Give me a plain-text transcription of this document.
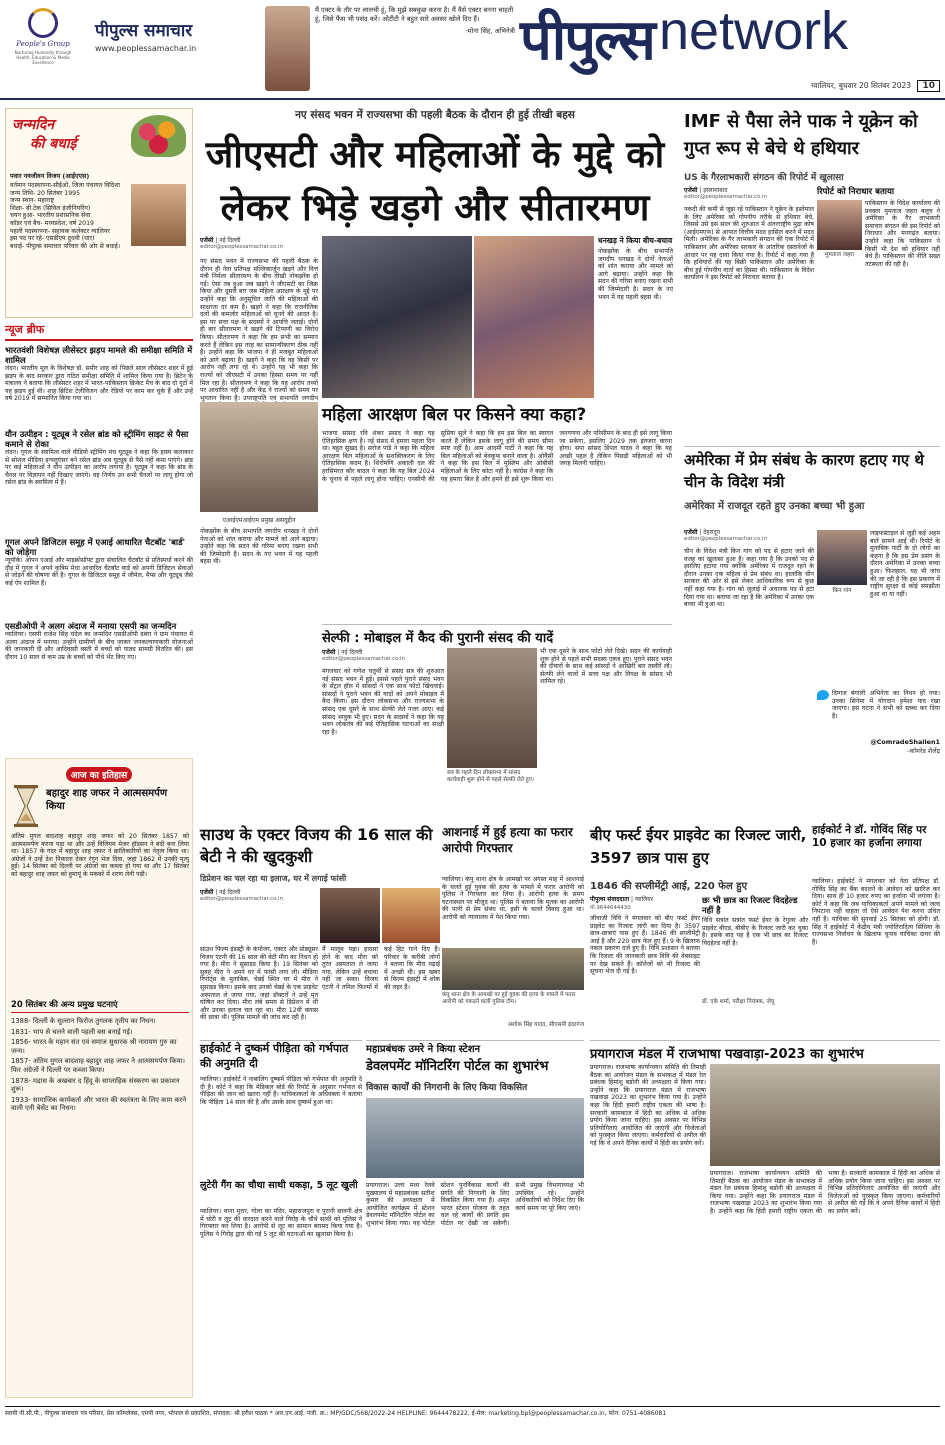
People's Group
Nurturing Humanity through Health, Education & Media Excellence
पीपुल्स समाचार
www.peoplessamachar.in
मैं एक्टर के तौर पर लालची हूं, कि मुझे सबकुछ करना है। मैं वैसे एक्टर बनना चाहती हूं, जिसे फैंस भी पसंद करें। ओटीटी ने बहुत सारे अवसर खोले दिए हैं।
-मोना सिंह, अभिनेत्री पीपुल्स network
ग्वालियर, बुधवार 20 सितंबर 2023 10
जन्मदिन
की बधाई
पवार नवजीवन विजय (आईएएस)
वर्तमान पदस्थापना-सीईओ, जिला पंचायत विदिशा
जन्म तिथि- 20 सितंबर 1995
जन्म स्थान- महाराष्ट्र
शिक्षा- बी.टेक (सिविल इंजीनियरिंग)
चयन हुआ- भारतीय प्रशासनिक सेवा
कॉडर एवं बैच- मध्यप्रदेश, वर्ष 2019
पहली पदस्थापना- सहायक कलेक्टर ग्वालियर
इस पद पर रहे- एसडीएम दुधवी (धार)
बधाई- पीपुल्स समाचार परिवार की ओर से बधाई।
न्यूज ब्रीफ
भारतवंशी विशेषज्ञ लीसेस्टर झड़प मामले की समीक्षा समिति में शामिल
लंदन। भारतीय मूल के विशेषज्ञ डॉ. समीर शाह को पिछले साल लीसेस्टर शहर में हुई झड़प के बाद सरकार द्वारा गठित समीक्षा समिति में शामिल किया गया है। ब्रिटेन के मंत्रालय ने बताया कि लीसेस्टर शहर में भारत-पाकिस्तान क्रिकेट मैच के बाद दो गुटों में यह झड़प हुई थी। शाह ब्रिटिश टेलीविजन और रेडियो पर काम कर चुके हैं और उन्हें वर्ष 2019 में सम्मानित किया गया था।
यौन उत्पीड़न : यूट्यूब ने रसेल ब्रांड को स्ट्रीमिंग साइट से पैसा कमाने से रोका
लंदन। गूगल के स्वामित्व वाले वीडियो स्ट्रीमिंग मंच यूट्यूब ने कहा कि हास्य कलाकार से सोशल मीडिया इन्फ्लुएंसर बने रसेल ब्रांड अब यूट्यूब से पैसे नहीं कमा पाएंगे। ब्रांड पर कई महिलाओं ने यौन उत्पीड़न का आरोप लगाया है। यूट्यूब ने कहा कि ब्रांड के चैनल पर विज्ञापन नहीं दिखाए जाएंगे। यह निर्णय उन सभी चैनलों पर लागू होगा जो रसेल ब्रांड के स्वामित्व में हैं।
गूगल अपने डिजिटल समूह में एआई आधारित चैटबॉट 'बार्ड' को जोड़ेगा
न्यूयॉर्क। ओपन एआई और माइक्रोसॉफ्ट द्वारा संचालित चैटबॉट से प्रतिस्पर्धा करने की दौड़ में गूगल ने अपने कृत्रिम मेधा आधारित चैटबॉट बार्ड को अपनी डिजिटल सेवाओं से जोड़ने की घोषणा की है। गूगल के डिजिटल समूह में जीमेल, मैप्स और यूट्यूब जैसे कई ऐप शामिल हैं।
एसडीओपी ने अलग अंदाज में मनाया एसपी का जन्मदिन
ग्वालियर। एसपी राजेश सिंह चंदेल का जन्मदिन एसडीओपी डबरा ने ग्राम पंचायत में अलग अंदाज में मनाया। उन्होंने ग्रामीणों के बीच जाकर जनकल्याणकारी योजनाओं की जानकारी दी और आदिवासी बस्ती में बच्चों को पाठ्य सामग्री वितरित की। इस दौरान 10 साल से कम उम्र के बच्चों को पौधे भेंट किए गए।
आज का इतिहास
बहादुर शाह जफर ने आत्मसमर्पण किया
अंतिम मुगल बादशाह बहादुर शाह जफर को 20 सितंबर 1857 को आत्मसमर्पण करना पड़ा था और उन्हें विलियम मेजर हॉडसन ने बंदी बना लिया था। 1857 के गदर में बहादुर शाह जफर ने क्रांतिकारियों का नेतृत्व किया था। अंग्रेजों ने उन्हें देश निकाला देकर रंगून भेज दिया, जहां 1862 में उनकी मृत्यु हुई। 14 सितंबर को दिल्ली पर अंग्रेजों का कब्जा हो गया था और 17 सितंबर को बहादुर शाह जफर को हुमायूं के मकबरे में शरण लेनी पड़ी।
20 सितंबर की अन्य प्रमुख घटनाएं

1388- दिल्ली के सुल्तान फिरोज तुगलक तृतीय का निधन।

1831- भाप से चलने वाली पहली बस बनाई गई।

1856- भारत के महान संत एवं समाज सुधारक श्री नारायण गुरु का जन्म।

1857- अंतिम मुगल बादशाह बहादुर शाह जफर ने आत्मसमर्पण किया। फिर अंग्रेजों ने दिल्ली पर कब्जा किया।

1878- मद्रास के अखबार द हिंदू के साप्ताहिक संस्करण का प्रकाशन शुरू।

1933- सामाजिक कार्यकर्ता और भारत की स्वतंत्रता के लिए काम करने वाली एनी बेसेंट का निधन।

नए संसद भवन में राज्यसभा की पहली बैठक के दौरान ही हुई तीखी बहस
जीएसटी और महिलाओं के मुद्दे को लेकर भिड़े खड़गे और सीतारमण
एजेंसी | नई दिल्ली
editor@peoplessamachar.co.in
नए संसद भवन में राज्यसभा की पहली बैठक के दौरान ही नेता प्रतिपक्ष मल्लिकार्जुन खड़गे और वित्त मंत्री निर्मला सीतारमण के बीच तीखी नोकझोंक हो गई। ऐसा तब हुआ जब खड़गे ने जीएसटी का जिक्र किया और दूसरी बार जब महिला आरक्षण के मुद्दे पर उन्होंने कहा कि अनुसूचित जाति की महिलाओं की साक्षरता दर कम है। खड़गे ने कहा कि राजनीतिक दलों की कमजोर महिलाओं को चुनने की आदत है। इस पर सत्ता पक्ष के सदस्यों ने आपत्ति जताई। दोनों ही बार सीतारमण ने खड़गे की टिप्पणी का विरोध किया। सीतारमण ने कहा कि हम सभी का सम्मान करते हैं लेकिन इस तरह का सामान्यीकरण ठीक नहीं है। उन्होंने कहा कि भाजपा ने ही मजबूत महिलाओं को आगे बढ़ाया है। खड़गे ने कहा कि वह किसी पर आरोप नहीं लगा रहे थे। उन्होंने यह भी कहा कि राज्यों को जीएसटी में उनका हिस्सा समय पर नहीं मिल रहा है। सीतारमण ने कहा कि यह आरोप तथ्यों पर आधारित नहीं है और केंद्र ने राज्यों को समय पर भुगतान किया है। उपराष्ट्रपति एवं सभापति जगदीप
धनखड़ ने किया बीच-बचाव
नोकझोंक के बीच सभापति जगदीप धनखड़ ने दोनों नेताओं को शांत कराया और मामले को आगे बढ़ाया। उन्होंने कहा कि सदन की गरिमा बनाए रखना सभी की जिम्मेदारी है। सदन के नए भवन में यह पहली बहस थी।
महिला आरक्षण बिल पर किसने क्या कहा?
भाजपा सांसद रवि शंकर प्रसाद ने कहा यह ऐतिहासिक क्षण है। नई संसद में हमारा पहला दिन था। बहुत सुखद है। सरोज पांडे ने कहा कि महिला आरक्षण बिल महिलाओं के सशक्तिकरण के लिए ऐतिहासिक कदम है। शिरोमणि अकाली दल की हरसिमरत कौर बादल ने कहा कि यह बिल 2024 के चुनाव से पहले लागू होना चाहिए। एनसीपी की सुप्रिया सुले ने कहा कि हम इस बिल का स्वागत करते हैं लेकिन इसके लागू होने की समय सीमा स्पष्ट नहीं है। आम आदमी पार्टी ने कहा कि यह बिल महिलाओं को बेवकूफ बनाने वाला है। ओवैसी ने कहा कि इस बिल में मुस्लिम और ओबीसी महिलाओं के लिए कोटा नहीं है। कांग्रेस ने कहा कि यह हमारा बिल है और हमने ही इसे शुरू किया था। जनगणना और परिसीमन के बाद ही इसे लागू किया जा सकेगा, इसलिए 2029 तक इंतजार करना होगा। सपा सांसद डिंपल यादव ने कहा कि यह अच्छी पहल है लेकिन पिछड़ी महिलाओं को भी जगह मिलनी चाहिए।
एआईएमआईएम प्रमुख असदुद्दीन
नोकझोंक के बीच सभापति जगदीप धनखड़ ने दोनों नेताओं को शांत कराया और मामले को आगे बढ़ाया। उन्होंने कहा कि सदन की गरिमा बनाए रखना सभी की जिम्मेदारी है। सदन के नए भवन में यह पहली बहस थी।
सेल्फी : मोबाइल में कैद की पुरानी संसद की यादें
एजेंसी | नई दिल्ली
editor@peoplessamachar.co.in
मंगलवार को गणेश चतुर्थी से संसद सत्र की शुरुआत नई संसद भवन में हुई। इससे पहले पुराने संसद भवन के सेंट्रल हॉल में सांसदों ने एक साथ फोटो खिंचवाई। सांसदों ने पुराने भवन की यादों को अपने मोबाइल में कैद किया। इस दौरान लोकसभा और राज्यसभा के सांसद एक दूसरे के साथ सेल्फी लेते नजर आए। कई सांसद भावुक भी हुए। सदन के सदस्यों ने कहा कि यह भवन लोकतंत्र की कई ऐतिहासिक घटनाओं का साक्षी रहा है।
सत्र के पहले दिन लोकसभा में सांसद कार्यवाही शुरू होने से पहले सेल्फी लेते हुए।
भी एक दूसरे के साथ फोटो लेते दिखे। सदन की कार्यवाही शुरू होने से पहले सभी सदस्य एकत्र हुए। पुराने संसद भवन की दीवारों के साथ कई सांसदों ने आखिरी बार तस्वीरें लीं। सेल्फी लेने वालों में सत्ता पक्ष और विपक्ष के सांसद भी शामिल रहे।
साउथ के एक्टर विजय की 16 साल की बेटी ने की खुदकुशी
डिप्रेशन का चल रहा था इलाज, घर में लगाई फांसी
एजेंसी | नई दिल्ली
editor@peoplessamachar.co.in
साउथ फिल्म इंडस्ट्री के कंपोजर, एक्टर और प्रोड्यूसर विजय एंटनी की 16 साल की बेटी मीरा का निधन हो गया है। मीरा ने सुसाइड किया है। 19 सितंबर को सुबह मीरा ने अपने घर में फांसी लगा ली। मीडिया रिपोर्ट्स के मुताबिक, चेन्नई स्थित घर में मीरा ने सुसाइड किया। इसके बाद उनको चेन्नई के एक प्राइवेट अस्पताल ले जाया गया, जहां डॉक्टरों ने उन्हें मृत घोषित कर दिया। मीरा लंबे समय से डिप्रेशन में थीं और उनका इलाज चल रहा था। मीरा 12वीं क्लास की छात्रा थी। पुलिस मामले की जांच कर रही है।
मैं मालूम पड़ा। हादसा होने के बाद मीरा को तुरंत अस्पताल ले जाया गया, लेकिन उन्हें बचाया नहीं जा सका। विजय एंटनी ने तमिल फिल्मों में कई हिट गाने दिए हैं। परिवार के करीबी लोगों ने बताया कि मीरा पढ़ाई में अच्छी थी। इस खबर से फिल्म इंडस्ट्री में शोक की लहर है।
आशनाई में हुई हत्या का फरार आरोपी गिरफ्तार
ग्वालियर। कंपू थाना क्षेत्र के आमखो पर अगस्त माह में आशनाई के चलते हुई युवक की हत्या के मामले में फरार आरोपी को पुलिस ने गिरफ्तार कर लिया है। आरोपी हत्या के समय घटनास्थल पर मौजूद था। पुलिस ने बताया कि मृतक का आरोपी की पत्नी से प्रेम संबंध था, इसी के चलते विवाद हुआ था। आरोपी को न्यायालय में पेश किया गया।
कंपू थाना क्षेत्र के आमखो पर हुई युवक की हत्या के मामले में फरार आरोपी को पकड़ने वाली पुलिस टीम।
अशोक सिंह यादव, सीएसपी इंदरगंज
हाईकोर्ट ने दुष्कर्म पीड़िता को गर्भपात की अनुमति दी
ग्वालियर। हाईकोर्ट ने नाबालिग दुष्कर्म पीड़िता को गर्भपात की अनुमति दे दी है। कोर्ट ने कहा कि मेडिकल बोर्ड की रिपोर्ट के अनुसार गर्भपात से पीड़िता की जान को खतरा नहीं है। याचिकाकर्ता के अधिवक्ता ने बताया कि पीड़िता 14 साल की है और उसके साथ दुष्कर्म हुआ था।
लुटेरी गैंग का चौथा साथी धकड़ा, 5 लूट खुली
ग्वालियर। थाना मुरार, गोला का मंदिर, महाराजपुरा व पुरानी छावनी क्षेत्र में चोरी व लूट की वारदात करने वाले गिरोह के चौथे साथी को पुलिस ने गिरफ्तार कर लिया है। आरोपी से लूट का सामान बरामद किया गया है। पुलिस ने गिरोह द्वारा की गई 5 लूट की घटनाओं का खुलासा किया है।
महाप्रबंधक उमरे ने किया स्टेशन
डेवलपमेंट मॉनिटरिंग पोर्टल का शुभारंभ
विकास कार्यों की निगरानी के लिए किया विकसित
प्रयागराज। उत्तर मध्य रेलवे मुख्यालय में महाप्रबंधक सतीश कुमार की अध्यक्षता में आयोजित कार्यक्रम में स्टेशन डेवलपमेंट मॉनिटरिंग पोर्टल का शुभारंभ किया गया। यह पोर्टल स्टेशन पुनर्विकास कार्यों की प्रगति की निगरानी के लिए विकसित किया गया है। अमृत भारत स्टेशन योजना के तहत चल रहे कार्यों की प्रगति इस पोर्टल पर देखी जा सकेगी। सभी प्रमुख विभागाध्यक्ष भी उपस्थित रहे। उन्होंने अधिकारियों को निर्देश दिए कि कार्य समय पर पूरे किए जाएं।
IMF से पैसा लेने पाक ने यूक्रेन को गुप्त रूप से बेचे थे हथियार
US के गैरलाभकारी संगठन की रिपोर्ट में खुलासा
एजेंसी | इस्लामाबाद
editor@peoplessamachar.co.in
नकदी की कमी से जूझ रहे पाकिस्तान ने यूक्रेन के इस्तेमाल के लिए अमेरिका को गोपनीय तरीके से हथियार बेचे, जिससे उसे इस साल की शुरुआत में अंतरराष्ट्रीय मुद्रा कोष (आईएमएफ) से आपात वित्तीय मदद हासिल करने में मदद मिली। अमेरिका के गैर लाभकारी संगठन की एक रिपोर्ट में पाकिस्तान और अमेरिका सरकार के आंतरिक दस्तावेजों के आधार पर यह दावा किया गया है। रिपोर्ट में कहा गया है कि हथियारों की यह बिक्री पाकिस्तान और अमेरिका के बीच हुई गोपनीय वार्ता का हिस्सा थी। पाकिस्तान के विदेश कार्यालय ने इस रिपोर्ट को निराधार बताया है।
रिपोर्ट को निराधार बताया
मुमताज जहरा
पाकिस्तान के विदेश कार्यालय की प्रवक्ता मुमताज जहरा बलूच ने अमेरिका के गैर लाभकारी समाचार संगठन की इस रिपोर्ट को निराधार और मनगढ़ंत बताया। उन्होंने कहा कि पाकिस्तान ने किसी भी देश को हथियार नहीं बेचे हैं। पाकिस्तान की नीति सख्त तटस्थता की रही है।
अमेरिका में प्रेम संबंध के कारण हटाए गए थे चीन के विदेश मंत्री
अमेरिका में राजदूत रहते हुए उनका बच्चा भी हुआ
एजेंसी | देहरादून
editor@peoplessamachar.co.in
चीन के विदेश मंत्री किन गांग को पद से हटाए जाने की वजह का खुलासा हुआ है। कहा गया है कि उनको पद से इसलिए हटाया गया क्योंकि अमेरिका में राजदूत रहने के दौरान उनका एक महिला से प्रेम संबंध था। हालांकि चीन सरकार की ओर से इसे लेकर आधिकारिक रूप से कुछ नहीं कहा गया है। गांग को जुलाई में अचानक पद से हटा दिया गया था। बताया जा रहा है कि अमेरिका में उनका एक बच्चा भी हुआ था।
किन गांग
लाइफस्टाइल से जुड़ी कई अहम बातें सामने आई थीं। रिपोर्ट के मुताबिक पार्टी के दो लोगों का कहना है कि इस प्रेम प्रसंग के दौरान अमेरिका में उनका बच्चा हुआ। फिलहाल, यह भी जांच की जा रही है कि इस प्रकरण में राष्ट्रीय सुरक्षा से कोई समझौता हुआ था या नहीं।
दिग्गज बंगाली अभिनेता का निधन हो गया। उनका सिनेमा में योगदान हमेशा याद रखा जाएगा। इस घटना ने सभी को स्तब्ध कर दिया है।
@ComradeShailen1
-कॉमरेड शैलेंद्र
बीए फर्स्ट ईयर प्राइवेट का रिजल्ट जारी, 3597 छात्र पास हुए
1846 की सप्लीमेंट्री आई, 220 फेल हुए
पीपुल्स संवाददाता | ग्वालियर
मो.9644644430
जीवाजी विवि ने मंगलवार को बीए फर्स्ट ईयर प्राइवेट का रिजल्ट जारी कर दिया है। 3597 छात्र-छात्राएं पास हुए हैं। 1846 की सप्लीमेंट्री आई है और 220 छात्र फेल हुए हैं। 9 के खिलाफ नकल प्रकरण दर्ज हुए हैं। विवि प्रशासन ने बताया कि रिजल्ट की जानकारी छात्र विवि की वेबसाइट पर देख सकते हैं। कॉलेजों को भी रिजल्ट की सूचना भेज दी गई है।
छः भी छात्र का रिजल्ट विदहेल्ड नहीं है
विधि सत्रांत सत्रांत फर्स्ट ईयर के रेगुलर और प्राइवेट बीएड, बीबीए के रिजल्ट जारी कर चुका है। इसके बाद यह है एक भी छात्र का रिजल्ट विदहेल्ड नहीं है।
डॉ. एके शर्मा, परीक्षा नियंत्रक, जेयू
हाईकोर्ट ने डॉ. गोविंद सिंह पर 10 हजार का हर्जाना लगाया
ग्वालियर। हाईकोर्ट ने मंगलवार को नेता प्रतिपक्ष डॉ. गोविंद सिंह का बैंक बदलने के आवेदन को खारिज कर दिया। साथ ही 10 हजार रुपए का हर्जाना भी लगाया है। कोर्ट ने कहा कि जब याचिकाकर्ता अपने मामले को जल्द निपटाना नहीं चाहता तो ऐसे आवेदन पेश करना उचित नहीं है। याचिका की सुनवाई 25 सितंबर को होगी। डॉ. सिंह ने हाईकोर्ट में केंद्रीय मंत्री ज्योतिरादित्य सिंधिया के राज्यसभा निर्वाचन के खिलाफ चुनाव याचिका दायर की है।
प्रयागराज मंडल में राजभाषा पखवाड़ा-2023 का शुभारंभ
प्रयागराज। राजभाषा कार्यान्वयन समिति की तिमाही बैठक का आयोजन मंडल के सभाकक्ष में मंडल रेल प्रबंधक हिमांशु बडोनी की अध्यक्षता में किया गया। उन्होंने कहा कि प्रयागराज मंडल में राजभाषा पखवाड़ा 2023 का शुभारंभ किया गया है। उन्होंने कहा कि हिंदी हमारी राष्ट्रीय एकता की भाषा है। सरकारी कामकाज में हिंदी का अधिक से अधिक प्रयोग किया जाना चाहिए। इस अवसर पर विभिन्न प्रतियोगिताएं आयोजित की जाएंगी और विजेताओं को पुरस्कृत किया जाएगा। कर्मचारियों से अपील की गई कि वे अपने दैनिक कार्यों में हिंदी का प्रयोग करें।
प्रयागराज। राजभाषा कार्यान्वयन समिति की तिमाही बैठक का आयोजन मंडल के सभाकक्ष में मंडल रेल प्रबंधक हिमांशु बडोनी की अध्यक्षता में किया गया। उन्होंने कहा कि प्रयागराज मंडल में राजभाषा पखवाड़ा 2023 का शुभारंभ किया गया है। उन्होंने कहा कि हिंदी हमारी राष्ट्रीय एकता की भाषा है। सरकारी कामकाज में हिंदी का अधिक से अधिक प्रयोग किया जाना चाहिए। इस अवसर पर विभिन्न प्रतियोगिताएं आयोजित की जाएंगी और विजेताओं को पुरस्कृत किया जाएगा। कर्मचारियों से अपील की गई कि वे अपने दैनिक कार्यों में हिंदी का प्रयोग करें।
स्वामी पी.सी.पी., पीपुल्स समाचार पत्र परिसर, प्रेस कॉम्प्लेक्स, एमपी नगर, भोपाल से प्रकाशित, संपादक: श्री हरीश पाठक * आर.एन.आई. पंजी. क्र.: MP/GDC/568/2022-24 HELPLINE: 9644478222, ई-मेल: marketing.bpl@peoplessamachar.co.in, फोन: 0751-4086081
